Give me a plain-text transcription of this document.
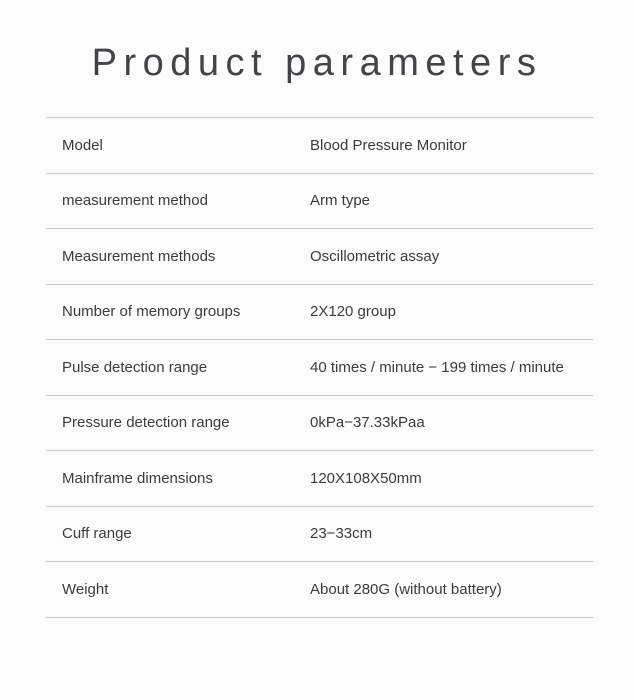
Product parameters
Model	Blood Pressure Monitor
measurement method	Arm type
Measurement methods	Oscillometric assay
Number of memory groups	2X120 group
Pulse detection range	40 times / minute − 199 times / minute
Pressure detection range	0kPa−37.33kPaa
Mainframe dimensions	120X108X50mm
Cuff range	23−33cm
Weight	About 280G (without battery)
